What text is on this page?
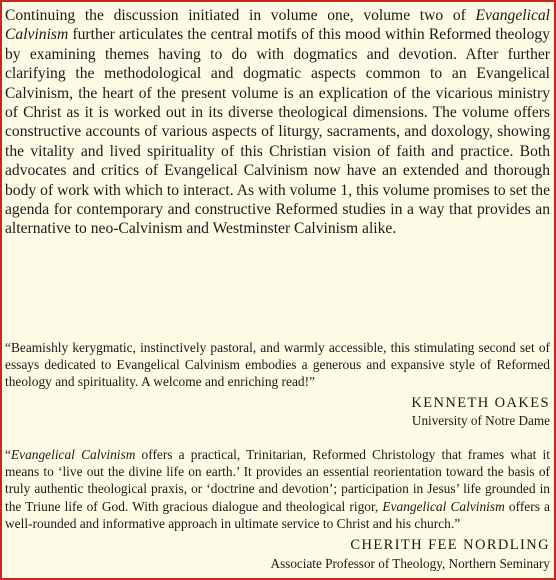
Continuing the discussion initiated in volume one, volume two of Evangelical Calvinism further articulates the central motifs of this mood within Reformed theology by examining themes having to do with dogmatics and devotion. After further clarifying the methodological and dogmatic aspects common to an Evangelical Calvinism, the heart of the present volume is an explication of the vicarious ministry of Christ as it is worked out in its diverse theological dimensions. The volume offers constructive accounts of various aspects of liturgy, sacraments, and doxology, showing the vitality and lived spirituality of this Christian vision of faith and practice. Both advocates and critics of Evangelical Calvinism now have an extended and thorough body of work with which to interact. As with volume 1, this volume promises to set the agenda for contemporary and constructive Reformed studies in a way that provides an alternative to neo-Calvinism and Westminster Calvinism alike.

“Beamishly kerygmatic, instinctively pastoral, and warmly accessible, this stimulating second set of essays dedicated to Evangelical Calvinism embodies a generous and expansive style of Reformed theology and spirituality. A welcome and enriching read!”

KENNETH OAKES

University of Notre Dame

“Evangelical Calvinism offers a practical, Trinitarian, Reformed Christology that frames what it means to ‘live out the divine life on earth.’ It provides an essential reorientation toward the basis of truly authentic theological praxis, or ‘doctrine and devotion’; participation in Jesus’ life grounded in the Triune life of God. With gracious dialogue and theological rigor, Evangelical Calvinism offers a well-rounded and informative approach in ultimate service to Christ and his church.”

CHERITH FEE NORDLING

Associate Professor of Theology, Northern Seminary
